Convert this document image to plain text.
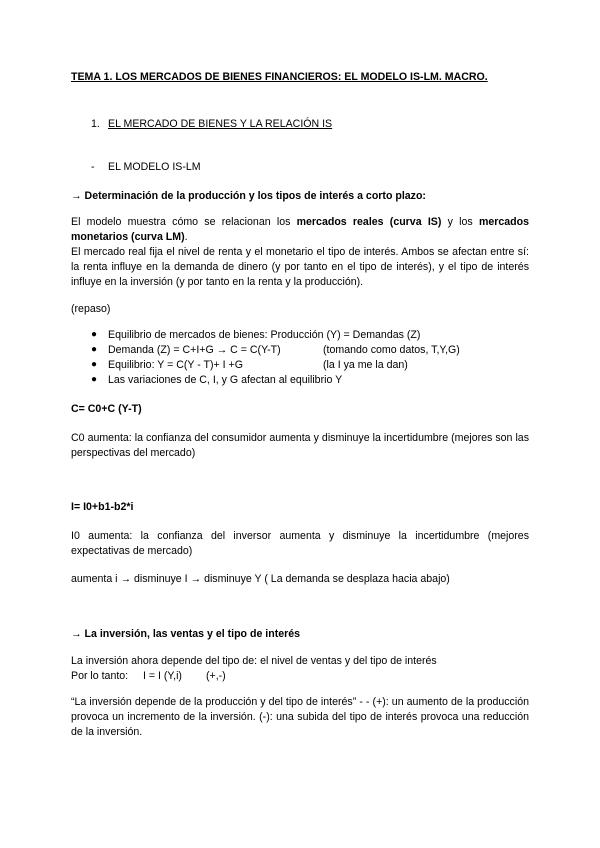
TEMA 1. LOS MERCADOS DE BIENES FINANCIEROS: EL MODELO IS-LM. MACRO.
1. EL MERCADO DE BIENES Y LA RELACIÓN IS
- EL MODELO IS-LM
→ Determinación de la producción y los tipos de interés a corto plazo:
El modelo muestra cómo se relacionan los mercados reales (curva IS) y los mercados monetarios (curva LM).
El mercado real fija el nivel de renta y el monetario el tipo de interés. Ambos se afectan entre sí: la renta influye en la demanda de dinero (y por tanto en el tipo de interés), y el tipo de interés influye en la inversión (y por tanto en la renta y la producción).
(repaso)
● Equilibrio de mercados de bienes: Producción (Y) = Demandas (Z)
● Demanda (Z) = C+I+G → C = C(Y-T)	(tomando como datos, T,Y,G)
● Equilibrio: Y = C(Y - T)+ I +G	(la I ya me la dan)
● Las variaciones de C, I, y G afectan al equilibrio Y
C= C0+C (Y-T)
C0 aumenta: la confianza del consumidor aumenta y disminuye la incertidumbre (mejores son las perspectivas del mercado)
I= I0+b1-b2*i
I0 aumenta: la confianza del inversor aumenta y disminuye la incertidumbre (mejores expectativas de mercado)
aumenta i → disminuye I → disminuye Y ( La demanda se desplaza hacia abajo)
→ La inversión, las ventas y el tipo de interés
La inversión ahora depende del tipo de: el nivel de ventas y del tipo de interés
Por lo tanto: I = I (Y,i) (+,-)
“La inversión depende de la producción y del tipo de interés” - - (+): un aumento de la producción provoca un incremento de la inversión. (-): una subida del tipo de interés provoca una reducción de la inversión.
